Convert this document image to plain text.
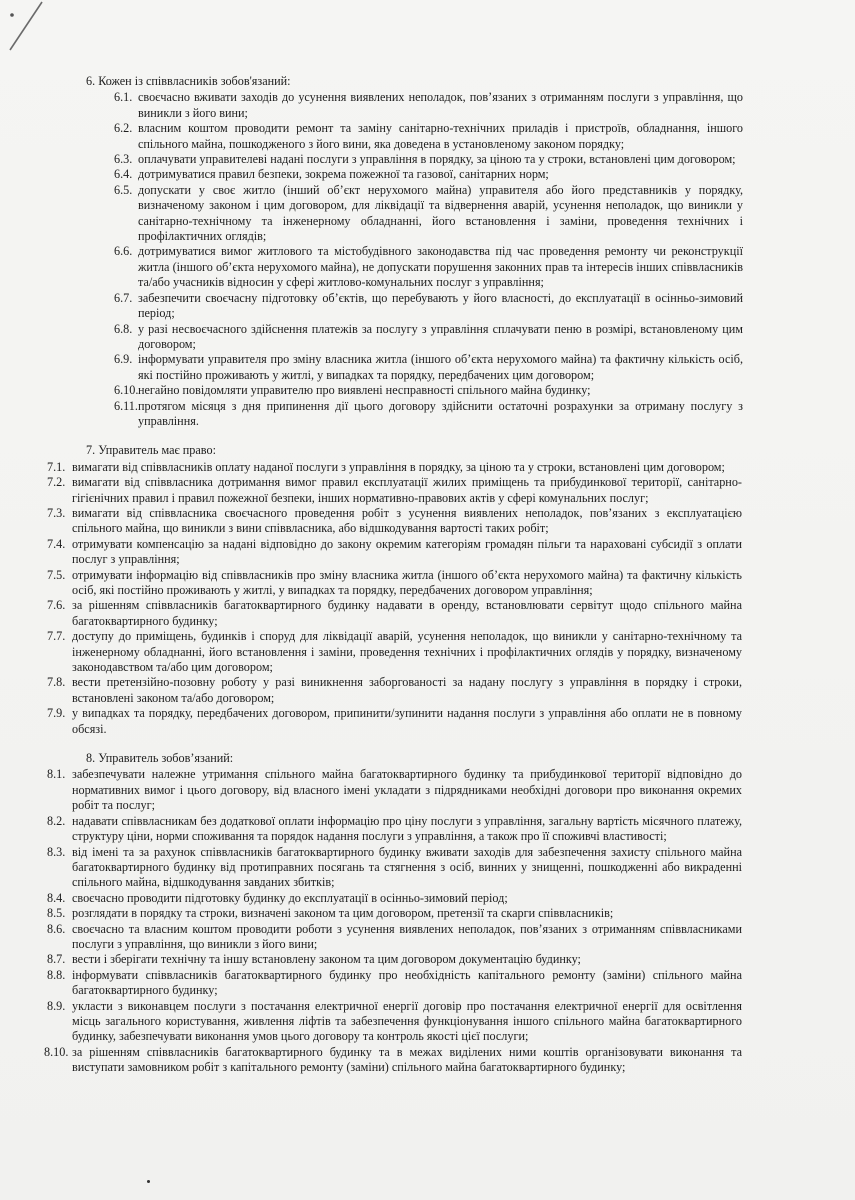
6. Кожен із співвласників зобов'язаний:
6.1. своєчасно вживати заходів до усунення виявлених неполадок, пов’язаних з отриманням послуги з управління, що виникли з його вини;
6.2. власним коштом проводити ремонт та заміну санітарно-технічних приладів і пристроїв, обладнання, іншого спільного майна, пошкодженого з його вини, яка доведена в установленому законом порядку;
6.3. оплачувати управителеві надані послуги з управління в порядку, за ціною та у строки, встановлені цим договором;
6.4. дотримуватися правил безпеки, зокрема пожежної та газової, санітарних норм;
6.5. допускати у своє житло (інший об’єкт нерухомого майна) управителя або його представників у порядку, визначеному законом і цим договором, для ліквідації та відвернення аварій, усунення неполадок, що виникли у санітарно-технічному та інженерному обладнанні, його встановлення і заміни, проведення технічних і профілактичних оглядів;
6.6. дотримуватися вимог житлового та містобудівного законодавства під час проведення ремонту чи реконструкції житла (іншого об’єкта нерухомого майна), не допускати порушення законних прав та інтересів інших співвласників та/або учасників відносин у сфері житлово-комунальних послуг з управління;
6.7. забезпечити своєчасну підготовку об’єктів, що перебувають у його власності, до експлуатації в осінньо-зимовий період;
6.8. у разі несвоєчасного здійснення платежів за послугу з управління сплачувати пеню в розмірі, встановленому цим договором;
6.9. інформувати управителя про зміну власника житла (іншого об’єкта нерухомого майна) та фактичну кількість осіб, які постійно проживають у житлі, у випадках та порядку, передбачених цим договором;
6.10. негайно повідомляти управителю про виявлені несправності спільного майна будинку;
6.11. протягом місяця з дня припинення дії цього договору здійснити остаточні розрахунки за отриману послугу з управління.
7. Управитель має право:
7.1. вимагати від співвласників оплату наданої послуги з управління в порядку, за ціною та у строки, встановлені цим договором;
7.2. вимагати від співвласника дотримання вимог правил експлуатації жилих приміщень та прибудинкової території, санітарно-гігієнічних правил і правил пожежної безпеки, інших нормативно-правових актів у сфері комунальних послуг;
7.3. вимагати від співвласника своєчасного проведення робіт з усунення виявлених неполадок, пов’язаних з експлуатацією спільного майна, що виникли з вини співвласника, або відшкодування вартості таких робіт;
7.4. отримувати компенсацію за надані відповідно до закону окремим категоріям громадян пільги та нараховані субсидії з оплати послуг з управління;
7.5. отримувати інформацію від співвласників про зміну власника житла (іншого об’єкта нерухомого майна) та фактичну кількість осіб, які постійно проживають у житлі, у випадках та порядку, передбачених договором управління;
7.6. за рішенням співвласників багатоквартирного будинку надавати в оренду, встановлювати сервітут щодо спільного майна багатоквартирного будинку;
7.7. доступу до приміщень, будинків і споруд для ліквідації аварій, усунення неполадок, що виникли у санітарно-технічному та інженерному обладнанні, його встановлення і заміни, проведення технічних і профілактичних оглядів у порядку, визначеному законодавством та/або цим договором;
7.8. вести претензійно-позовну роботу у разі виникнення заборгованості за надану послугу з управління в порядку і строки, встановлені законом та/або договором;
7.9. у випадках та порядку, передбачених договором, припинити/зупинити надання послуги з управління або оплати не в повному обсязі.
8. Управитель зобов’язаний:
8.1. забезпечувати належне утримання спільного майна багатоквартирного будинку та прибудинкової території відповідно до нормативних вимог і цього договору, від власного імені укладати з підрядниками необхідні договори про виконання окремих робіт та послуг;
8.2. надавати співвласникам без додаткової оплати інформацію про ціну послуги з управління, загальну вартість місячного платежу, структуру ціни, норми споживання та порядок надання послуги з управління, а також про її споживчі властивості;
8.3. від імені та за рахунок співвласників багатоквартирного будинку вживати заходів для забезпечення захисту спільного майна багатоквартирного будинку від протиправних посягань та стягнення з осіб, винних у знищенні, пошкодженні або викраденні спільного майна, відшкодування завданих збитків;
8.4. своєчасно проводити підготовку будинку до експлуатації в осінньо-зимовий період;
8.5. розглядати в порядку та строки, визначені законом та цим договором, претензії та скарги співвласників;
8.6. своєчасно та власним коштом проводити роботи з усунення виявлених неполадок, пов’язаних з отриманням співвласниками послуги з управління, що виникли з його вини;
8.7. вести і зберігати технічну та іншу встановлену законом та цим договором документацію будинку;
8.8. інформувати співвласників багатоквартирного будинку про необхідність капітального ремонту (заміни) спільного майна багатоквартирного будинку;
8.9. укласти з виконавцем послуги з постачання електричної енергії договір про постачання електричної енергії для освітлення місць загального користування, живлення ліфтів та забезпечення функціонування іншого спільного майна багатоквартирного будинку, забезпечувати виконання умов цього договору та контроль якості цієї послуги;
8.10. за рішенням співвласників багатоквартирного будинку та в межах виділених ними коштів організовувати виконання та виступати замовником робіт з капітального ремонту (заміни) спільного майна багатоквартирного будинку;
